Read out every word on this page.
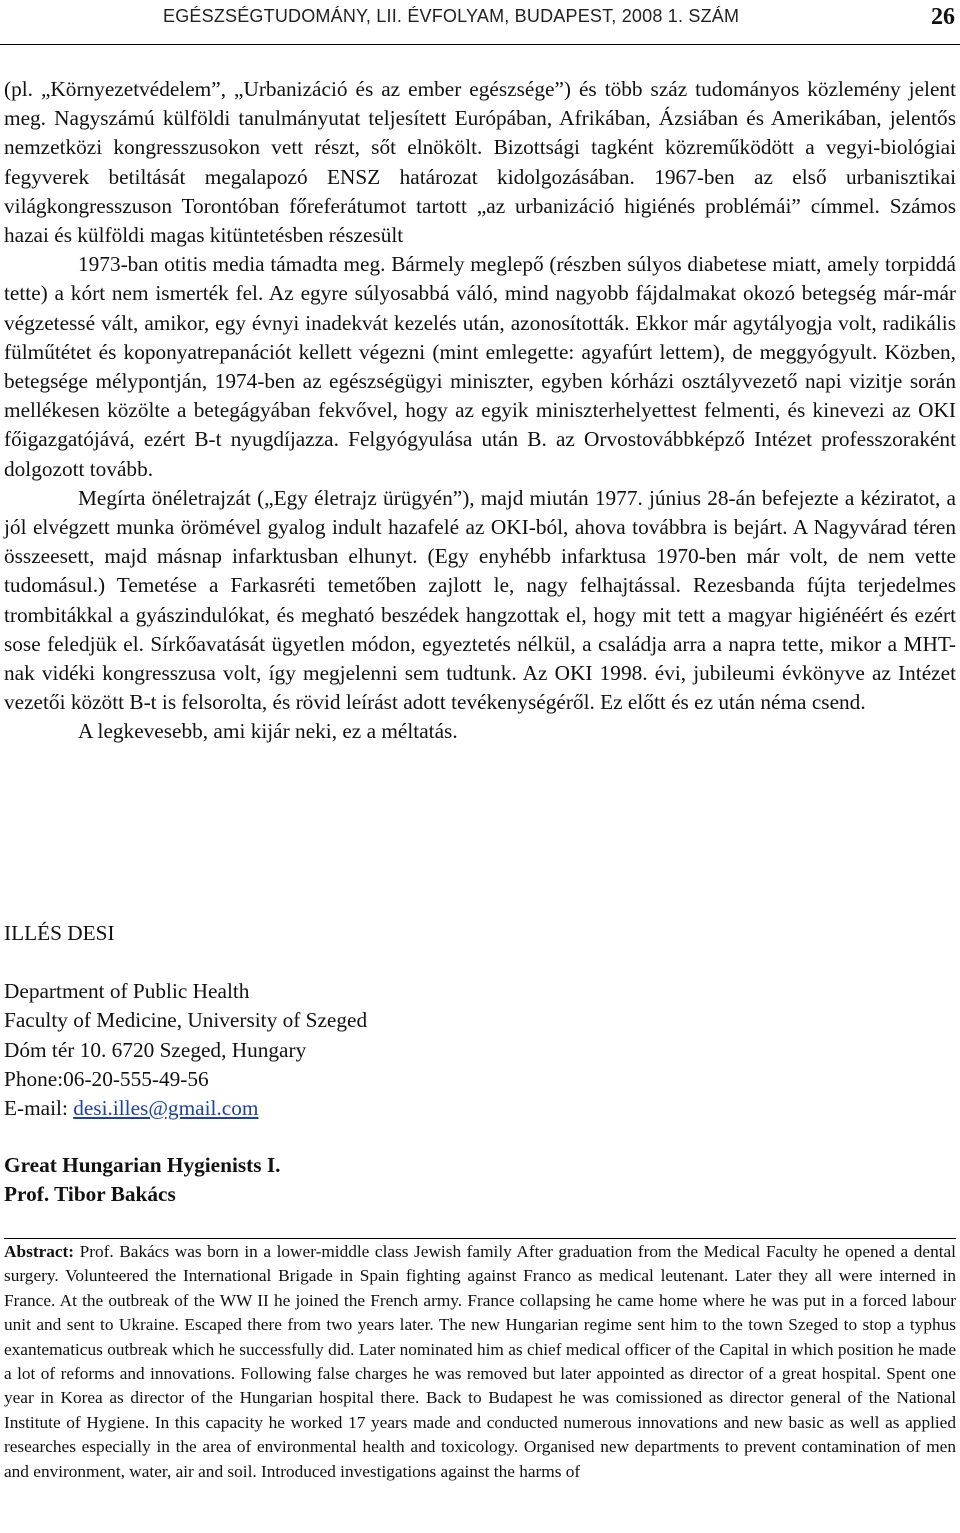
EGÉSZSÉGTUDOMÁNY, LII. ÉVFOLYAM, BUDAPEST, 2008 1. SZÁM	26

(pl. „Környezetvédelem”, „Urbanizáció és az ember egészsége”) és több száz tudományos közlemény jelent meg. Nagyszámú külföldi tanulmányutat teljesített Európában, Afrikában, Ázsiában és Amerikában, jelentős nemzetközi kongresszusokon vett részt, sőt elnökölt. Bizottsági tagként közreműködött a vegyi-biológiai fegyverek betiltását megalapozó ENSZ határozat kidolgozásában. 1967-ben az első urbanisztikai világkongresszuson Torontóban főreferátumot tartott „az urbanizáció higiénés problémái” címmel. Számos hazai és külföldi magas kitüntetésben részesült

1973-ban otitis media támadta meg. Bármely meglepő (részben súlyos diabetese miatt, amely torpiddá tette) a kórt nem ismerték fel. Az egyre súlyosabbá váló, mind nagyobb fájdalmakat okozó betegség már-már végzetessé vált, amikor, egy évnyi inadekvát kezelés után, azonosították. Ekkor már agytályogja volt, radikális fülműtétet és koponyatrepanációt kellett végezni (mint emlegette: agyafúrt lettem), de meggyógyult. Közben, betegsége mélypontján, 1974-ben az egészségügyi miniszter, egyben kórházi osztályvezető napi vizitje során mellékesen közölte a betegágyában fekvővel, hogy az egyik miniszterhelyettest felmenti, és kinevezi az OKI főigazgatójává, ezért B-t nyugdíjazza. Felgyógyulása után B. az Orvostovábbképző Intézet professzoraként dolgozott tovább.

Megírta önéletrajzát („Egy életrajz ürügyén”), majd miután 1977. június 28-án befejezte a kéziratot, a jól elvégzett munka örömével gyalog indult hazafelé az OKI-ból, ahova továbbra is bejárt. A Nagyvárad téren összeesett, majd másnap infarktusban elhunyt. (Egy enyhébb infarktusa 1970-ben már volt, de nem vette tudomásul.) Temetése a Farkasréti temetőben zajlott le, nagy felhajtással. Rezesbanda fújta terjedelmes trombitákkal a gyászindulókat, és megható beszédek hangzottak el, hogy mit tett a magyar higiénéért és ezért sose feledjük el. Sírkőavatását ügyetlen módon, egyeztetés nélkül, a családja arra a napra tette, mikor a MHT-nak vidéki kongresszusa volt, így megjelenni sem tudtunk. Az OKI 1998. évi, jubileumi évkönyve az Intézet vezetői között B-t is felsorolta, és rövid leírást adott tevékenységéről. Ez előtt és ez után néma csend.

A legkevesebb, ami kijár neki, ez a méltatás.

ILLÉS DESI
Department of Public Health
Faculty of Medicine, University of Szeged
Dóm tér 10. 6720 Szeged, Hungary
Phone:06-20-555-49-56
E-mail: desi.illes@gmail.com
Great Hungarian Hygienists I.
Prof. Tibor Bakács

Abstract: Prof. Bakács was born in a lower-middle class Jewish family After graduation from the Medical Faculty he opened a dental surgery. Volunteered the International Brigade in Spain fighting against Franco as medical leutenant. Later they all were interned in France. At the outbreak of the WW II he joined the French army. France collapsing he came home where he was put in a forced labour unit and sent to Ukraine. Escaped there from two years later. The new Hungarian regime sent him to the town Szeged to stop a typhus exantematicus outbreak which he successfully did. Later nominated him as chief medical officer of the Capital in which position he made a lot of reforms and innovations. Following false charges he was removed but later appointed as director of a great hospital. Spent one year in Korea as director of the Hungarian hospital there. Back to Budapest he was comissioned as director general of the National Institute of Hygiene. In this capacity he worked 17 years made and conducted numerous innovations and new basic as well as applied researches especially in the area of environmental health and toxicology. Organised new departments to prevent contamination of men and environment, water, air and soil. Introduced investigations against the harms of
